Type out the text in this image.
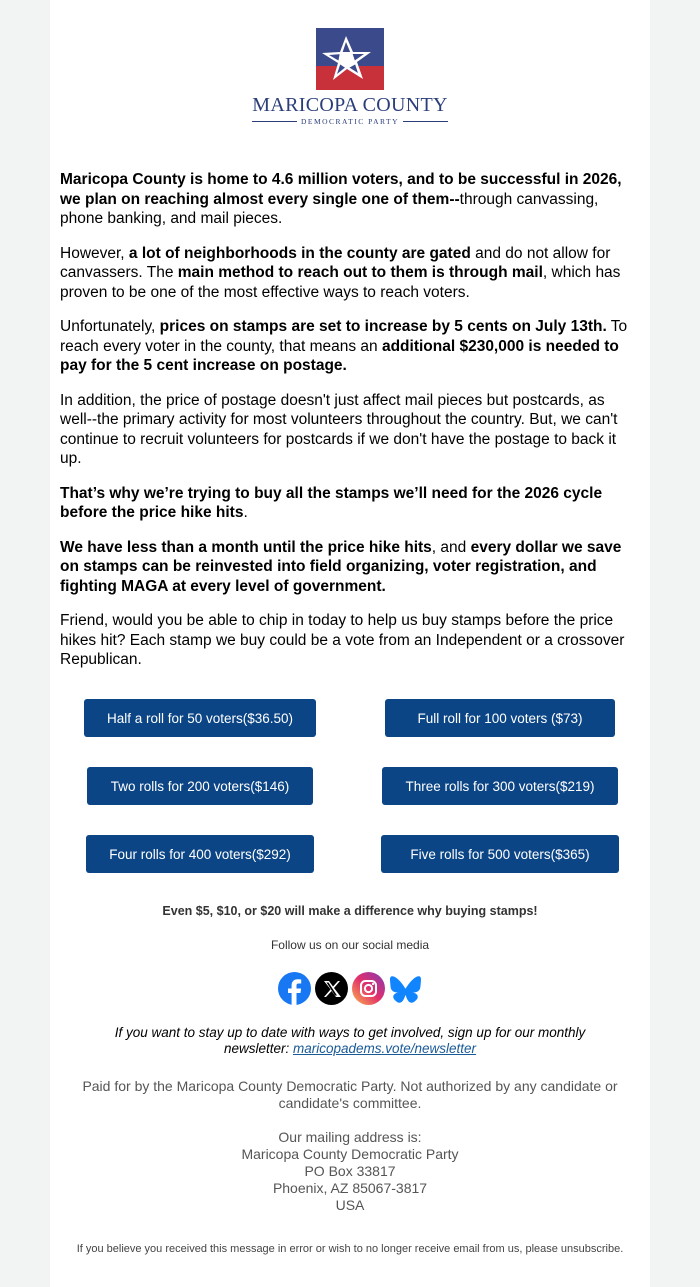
MARICOPA COUNTY
DEMOCRATIC PARTY

Maricopa County is home to 4.6 million voters, and to be successful in 2026, we plan on reaching almost every single one of them--through canvassing, phone banking, and mail pieces.

However, a lot of neighborhoods in the county are gated and do not allow for canvassers. The main method to reach out to them is through mail, which has proven to be one of the most effective ways to reach voters.

Unfortunately, prices on stamps are set to increase by 5 cents on July 13th. To reach every voter in the county, that means an additional $230,000 is needed to pay for the 5 cent increase on postage.

In addition, the price of postage doesn't just affect mail pieces but postcards, as well--the primary activity for most volunteers throughout the country. But, we can't continue to recruit volunteers for postcards if we don't have the postage to back it up.

That’s why we’re trying to buy all the stamps we’ll need for the 2026 cycle before the price hike hits.

We have less than a month until the price hike hits, and every dollar we save on stamps can be reinvested into field organizing, voter registration, and fighting MAGA at every level of government.

Friend, would you be able to chip in today to help us buy stamps before the price hikes hit? Each stamp we buy could be a vote from an Independent or a crossover Republican.

Half a roll for 50 voters($36.50)	Full roll for 100 voters ($73)
Two rolls for 200 voters($146)	Three rolls for 300 voters($219)
Four rolls for 400 voters($292)	Five rolls for 500 voters($365)
Even $5, $10, or $20 will make a difference why buying stamps!
Follow us on our social media
If you want to stay up to date with ways to get involved, sign up for our monthly newsletter: maricopadems.vote/newsletter
Paid for by the Maricopa County Democratic Party. Not authorized by any candidate or candidate's committee.
Our mailing address is:
Maricopa County Democratic Party
PO Box 33817
Phoenix, AZ 85067-3817
USA
If you believe you received this message in error or wish to no longer receive email from us, please unsubscribe.
